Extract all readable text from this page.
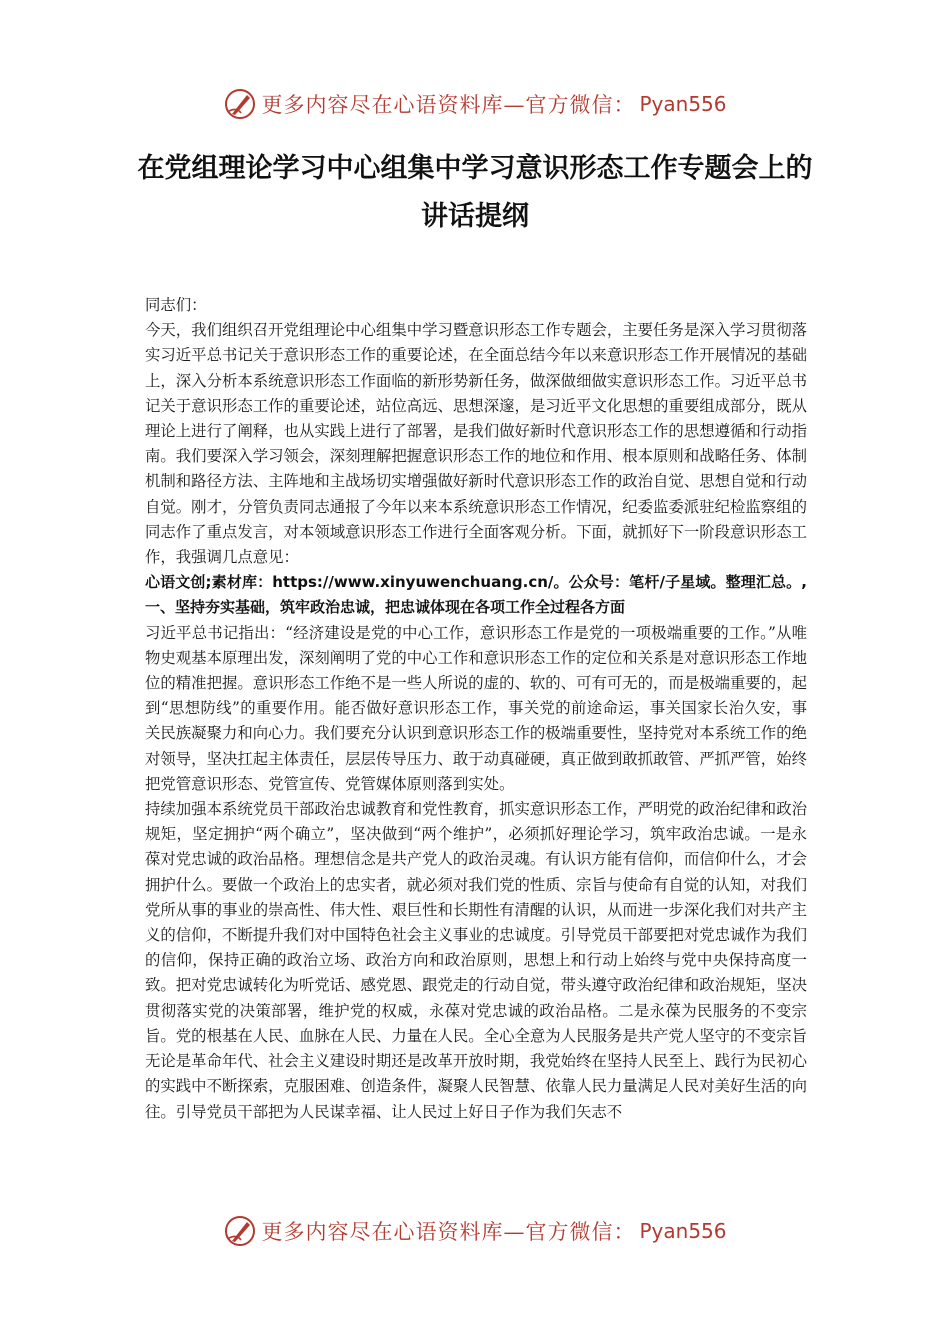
更多内容尽在心语资料库—官方微信： Pyan556
在党组理论学习中心组集中学习意识形态工作专题会上的讲话提纲

同志们：

今天，我们组织召开党组理论中心组集中学习暨意识形态工作专题会，主要任务是深入学习贯彻落实习近平总书记关于意识形态工作的重要论述，在全面总结今年以来意识形态工作开展情况的基础上，深入分析本系统意识形态工作面临的新形势新任务，做深做细做实意识形态工作。习近平总书记关于意识形态工作的重要论述，站位高远、思想深邃，是习近平文化思想的重要组成部分，既从理论上进行了阐释，也从实践上进行了部署，是我们做好新时代意识形态工作的思想遵循和行动指南。我们要深入学习领会，深刻理解把握意识形态工作的地位和作用、根本原则和战略任务、体制机制和路径方法、主阵地和主战场切实增强做好新时代意识形态工作的政治自觉、思想自觉和行动自觉。刚才，分管负责同志通报了今年以来本系统意识形态工作情况，纪委监委派驻纪检监察组的同志作了重点发言，对本领域意识形态工作进行全面客观分析。下面，就抓好下一阶段意识形态工作，我强调几点意见：

心语文创;素材库：https://www.xinyuwenchuang.cn/。公众号：笔杆/子星域。整理汇总。,一、坚持夯实基础，筑牢政治忠诚，把忠诚体现在各项工作全过程各方面

习近平总书记指出：“经济建设是党的中心工作，意识形态工作是党的一项极端重要的工作。”从唯物史观基本原理出发，深刻阐明了党的中心工作和意识形态工作的定位和关系是对意识形态工作地位的精准把握。意识形态工作绝不是一些人所说的虚的、软的、可有可无的，而是极端重要的，起到“思想防线”的重要作用。能否做好意识形态工作，事关党的前途命运，事关国家长治久安，事关民族凝聚力和向心力。我们要充分认识到意识形态工作的极端重要性，坚持党对本系统工作的绝对领导，坚决扛起主体责任，层层传导压力、敢于动真碰硬，真正做到敢抓敢管、严抓严管，始终把党管意识形态、党管宣传、党管媒体原则落到实处。

持续加强本系统党员干部政治忠诚教育和党性教育，抓实意识形态工作，严明党的政治纪律和政治规矩，坚定拥护“两个确立”，坚决做到“两个维护”，必须抓好理论学习，筑牢政治忠诚。一是永葆对党忠诚的政治品格。理想信念是共产党人的政治灵魂。有认识方能有信仰，而信仰什么，才会拥护什么。要做一个政治上的忠实者，就必须对我们党的性质、宗旨与使命有自觉的认知，对我们党所从事的事业的崇高性、伟大性、艰巨性和长期性有清醒的认识，从而进一步深化我们对共产主义的信仰，不断提升我们对中国特色社会主义事业的忠诚度。引导党员干部要把对党忠诚作为我们的信仰，保持正确的政治立场、政治方向和政治原则，思想上和行动上始终与党中央保持高度一致。把对党忠诚转化为听党话、感党恩、跟党走的行动自觉，带头遵守政治纪律和政治规矩，坚决贯彻落实党的决策部署，维护党的权威，永葆对党忠诚的政治品格。二是永葆为民服务的不变宗旨。党的根基在人民、血脉在人民、力量在人民。全心全意为人民服务是共产党人坚守的不变宗旨无论是革命年代、社会主义建设时期还是改革开放时期，我党始终在坚持人民至上、践行为民初心的实践中不断探索，克服困难、创造条件，凝聚人民智慧、依靠人民力量满足人民对美好生活的向往。引导党员干部把为人民谋幸福、让人民过上好日子作为我们矢志不

更多内容尽在心语资料库—官方微信： Pyan556
